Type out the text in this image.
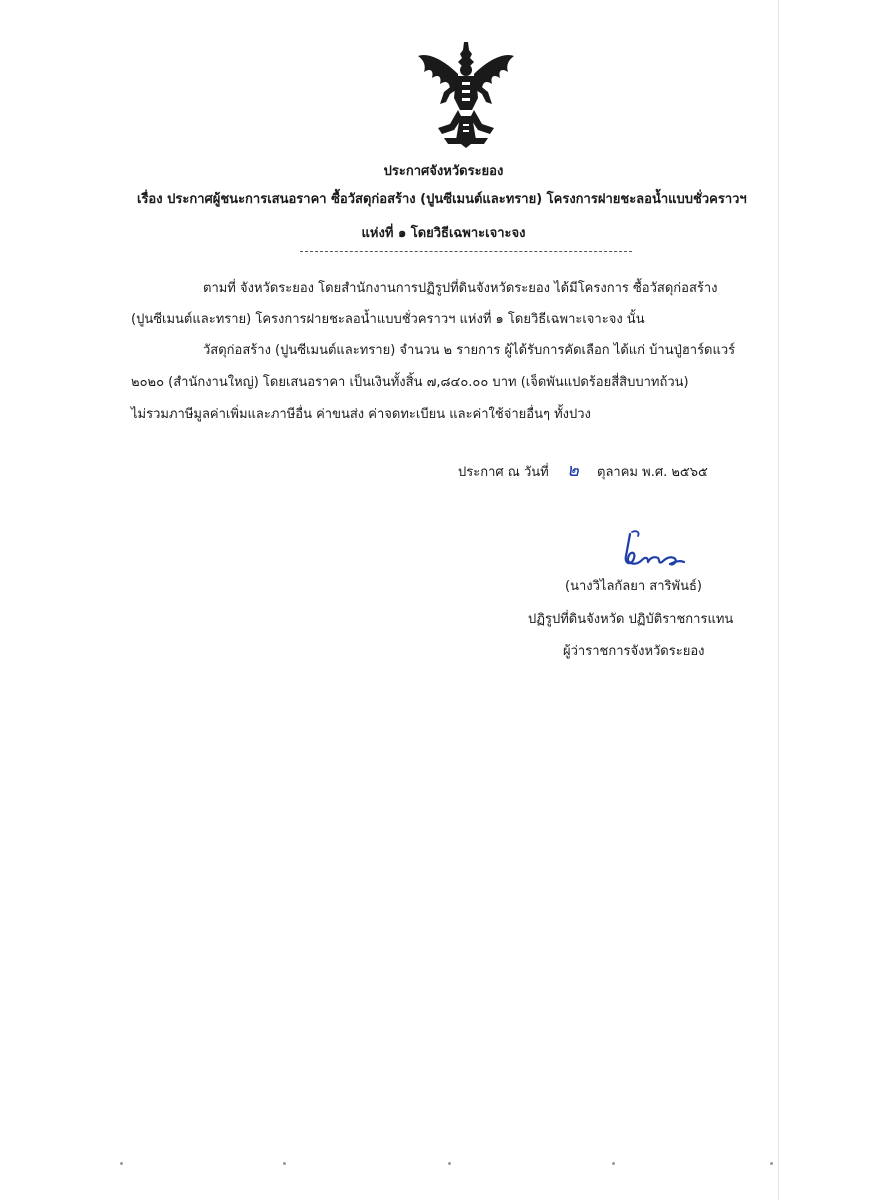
ประกาศจังหวัดระยอง
เรื่อง ประกาศผู้ชนะการเสนอราคา ซื้อวัสดุก่อสร้าง (ปูนซีเมนต์และทราย) โครงการฝายชะลอน้ำแบบชั่วคราวฯ
แห่งที่ ๑ โดยวิธีเฉพาะเจาะจง
ตามที่ จังหวัดระยอง โดยสำนักงานการปฏิรูปที่ดินจังหวัดระยอง ได้มีโครงการ ซื้อวัสดุก่อสร้าง
(ปูนซีเมนต์และทราย) โครงการฝายชะลอน้ำแบบชั่วคราวฯ แห่งที่ ๑ โดยวิธีเฉพาะเจาะจง นั้น
วัสดุก่อสร้าง (ปูนซีเมนต์และทราย) จำนวน ๒ รายการ ผู้ได้รับการคัดเลือก ได้แก่ บ้านปู่ฮาร์ดแวร์
๒๐๒๐ (สำนักงานใหญ่) โดยเสนอราคา เป็นเงินทั้งสิ้น ๗,๘๔๐.๐๐ บาท (เจ็ดพันแปดร้อยสี่สิบบาทถ้วน)
ไม่รวมภาษีมูลค่าเพิ่มและภาษีอื่น ค่าขนส่ง ค่าจดทะเบียน และค่าใช้จ่ายอื่นๆ ทั้งปวง
ประกาศ ณ วันที่ ๒ ตุลาคม พ.ศ. ๒๕๖๕
(นางวิไลกัลยา สาริพันธ์)
ปฏิรูปที่ดินจังหวัด ปฏิบัติราชการแทน
ผู้ว่าราชการจังหวัดระยอง
